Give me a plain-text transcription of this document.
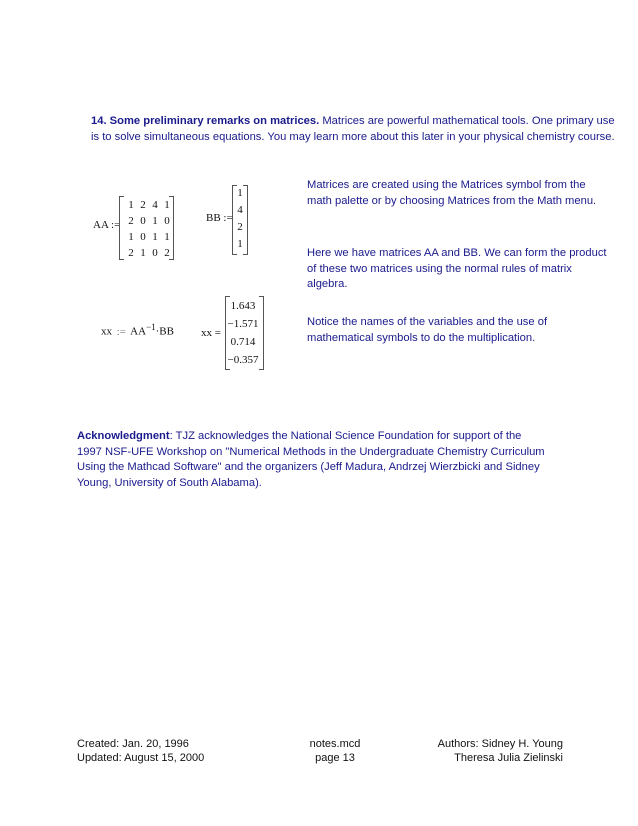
14. Some preliminary remarks on matrices. Matrices are powerful mathematical tools. One primary use is to solve simultaneous equations. You may learn more about this later in your physical chemistry course.
AA :=
1 2 4 1
2 0 1 0
1 0 1 1
2 1 0 2
BB :=
1
4
2
1
xx := $AA^{-1}\cdot BB$ xx =
1.643
−1.571
0.714
−0.357
Matrices are created using the Matrices symbol from the math palette or by choosing Matrices from the Math menu.
Here we have matrices AA and BB. We can form the product of these two matrices using the normal rules of matrix algebra.
Notice the names of the variables and the use of mathematical symbols to do the multiplication.
Acknowledgment: TJZ acknowledges the National Science Foundation for support of the 1997 NSF-UFE Workshop on "Numerical Methods in the Undergraduate Chemistry Curriculum Using the Mathcad Software" and the organizers (Jeff Madura, Andrzej Wierzbicki and Sidney Young, University of South Alabama).
Created: Jan. 20, 1996
Updated: August 15, 2000
notes.mcd
page 13
Authors: Sidney H. Young
Theresa Julia Zielinski
